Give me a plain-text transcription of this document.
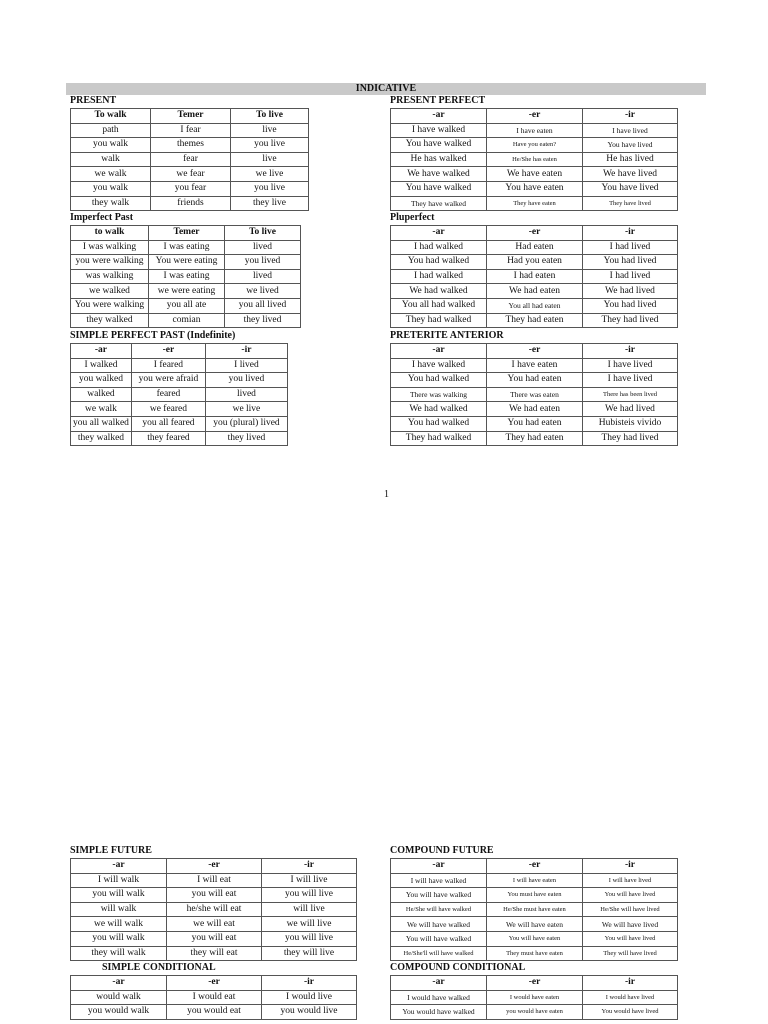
INDICATIVE
PRESENT
To walk	Temer	To live
path	I fear	live
you walk	themes	you live
walk	fear	live
we walk	we fear	we live
you walk	you fear	you live
they walk	friends	they live
PRESENT PERFECT
-ar	-er	-ir
I have walked	I have eaten	I have lived
You have walked	Have you eaten?	You have lived
He has walked	He/She has eaten	He has lived
We have walked	We have eaten	We have lived
You have walked	You have eaten	You have lived
They have walked	They have eaten	They have lived
Imperfect Past
to walk	Temer	To live
I was walking	I was eating	lived
you were walking	You were eating	you lived
was walking	I was eating	lived
we walked	we were eating	we lived
You were walking	you all ate	you all lived
they walked	comian	they lived
Pluperfect
-ar	-er	-ir
I had walked	Had eaten	I had lived
You had walked	Had you eaten	You had lived
I had walked	I had eaten	I had lived
We had walked	We had eaten	We had lived
You all had walked	You all had eaten	You had lived
They had walked	They had eaten	They had lived
SIMPLE PERFECT PAST (Indefinite)
-ar	-er	-ir
I walked	I feared	I lived
you walked	you were afraid	you lived
walked	feared	lived
we walk	we feared	we live
you all walked	you all feared	you (plural) lived
they walked	they feared	they lived
PRETERITE ANTERIOR
-ar	-er	-ir
I have walked	I have eaten	I have lived
You had walked	You had eaten	I have lived
There was walking	There was eaten	There has been lived
We had walked	We had eaten	We had lived
You had walked	You had eaten	Hubisteis vivido
They had walked	They had eaten	They had lived
1
SIMPLE FUTURE
-ar	-er	-ir
I will walk	I will eat	I will live
you will walk	you will eat	you will live
will walk	he/she will eat	will live
we will walk	we will eat	we will live
you will walk	you will eat	you will live
they will walk	they will eat	they will live
COMPOUND FUTURE
-ar	-er	-ir
I will have walked	I will have eaten	I will have lived
You will have walked	You must have eaten	You will have lived
He/She will have walked	He/She must have eaten	He/She will have lived
We will have walked	We will have eaten	We will have lived
You will have walked	You will have eaten	You will have lived
He/She'll will have walked	They must have eaten	They will have lived
SIMPLE CONDITIONAL
-ar	-er	-ir
would walk	I would eat	I would live
you would walk	you would eat	you would live
COMPOUND CONDITIONAL
-ar	-er	-ir
I would have walked	I would have eaten	I would have lived
You would have walked	you would have eaten	You would have lived
